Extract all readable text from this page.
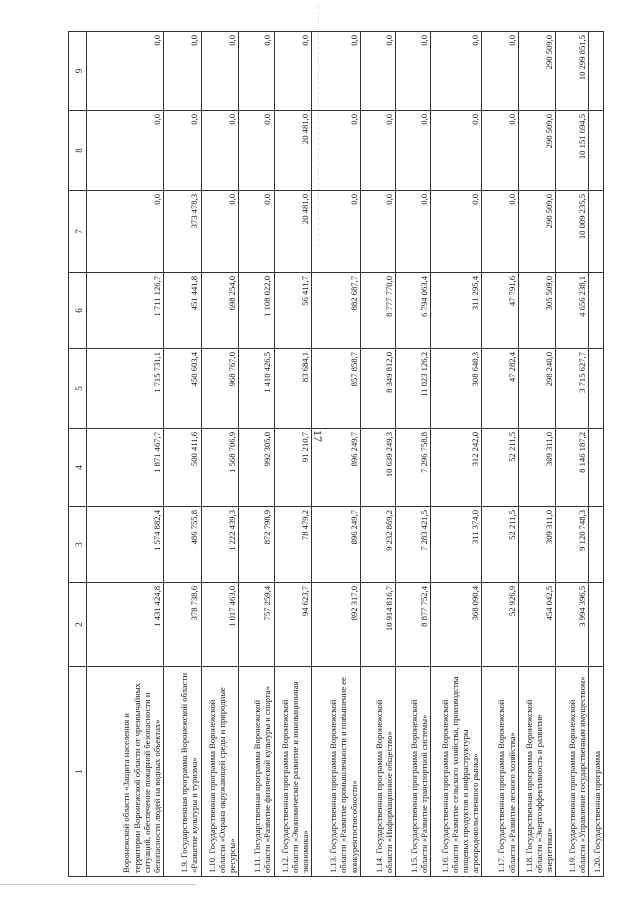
17
1	2	3	4	5	6	7	8	9
Воронежской области «Защита населения и территории Воронежской области от чрезвычайных ситуаций, обеспечение пожарной безопасности и безопасности людей на водных объектах»	1 431 424,8	1 574 882,4	1 871 467,7	1 715 731,1	1 711 126,7	0,0	0,0	0,0
1.9. Государственная программа Воронежской области «Развитие культуры и туризма»	378 738,6	486 755,8	500 411,6	450 603,4	451 441,8	373 478,3	0,0	0,0
1.10. Государственная программа Воронежской области «Охрана окружающей среды и природные ресурсы»	1 017 463,0	1 222 439,3	1 568 706,9	968 767,0	698 254,0	0,0	0,0	0,0
1.11. Государственная программа Воронежской области «Развитие физической культуры и спорта»	757 259,4	872 798,9	992 305,0	1 410 426,5	1 108 022,0	0,0	0,0	0,0
1.12. Государственная программа Воронежской области «Экономическое развитие и инновационная экономика»	94 623,7	78 479,2	91 210,7	83 684,1	56 411,7	20 481,0	20 481,0	0,0
1.13. Государственная программа Воронежской области «Развитие промышленности и повышение ее конкурентоспособности»	892 317,0	896 249,7	896 249,7	857 858,7	882 687,7	0,0	0,0	0,0
1.14. Государственная программа Воронежской области «Информационное общество»	10 914 816,7	9 232 869,2	10 639 249,3	8 349 812,0	8 777 770,0	0,0	0,0	0,0
1.15. Государственная программа Воронежской области «Развитие транспортной системы»	8 877 752,4	7 283 421,5	7 296 758,8	11 023 126,2	6 794 063,4	0,0	0,0	0,0
1.16. Государственная программа Воронежской области «Развитие сельского хозяйства, производства пищевых продуктов и инфраструктуры агропродовольственного рынка»	368 090,4	311 374,0	312 242,0	308 640,3	311 295,4	0,0	0,0	0,0
1.17. Государственная программа Воронежской области «Развитие лесного хозяйства»	52 926,9	52 211,5	52 211,5	47 282,4	47 791,6	0,0	0,0	0,0
1.18. Государственная программа Воронежской области «Энергоэффективность и развитие энергетики»	454 042,5	309 311,0	309 311,0	298 240,0	305 509,0	290 509,0	290 509,0	290 509,0
1.19. Государственная программа Воронежской области «Управление государственным имуществом»	3 994 396,5	9 120 748,3	8 146 187,2	3 715 627,7	4 656 238,1	10 009 235,5	10 151 694,5	10 299 851,5
1.20. Государственная программа								
